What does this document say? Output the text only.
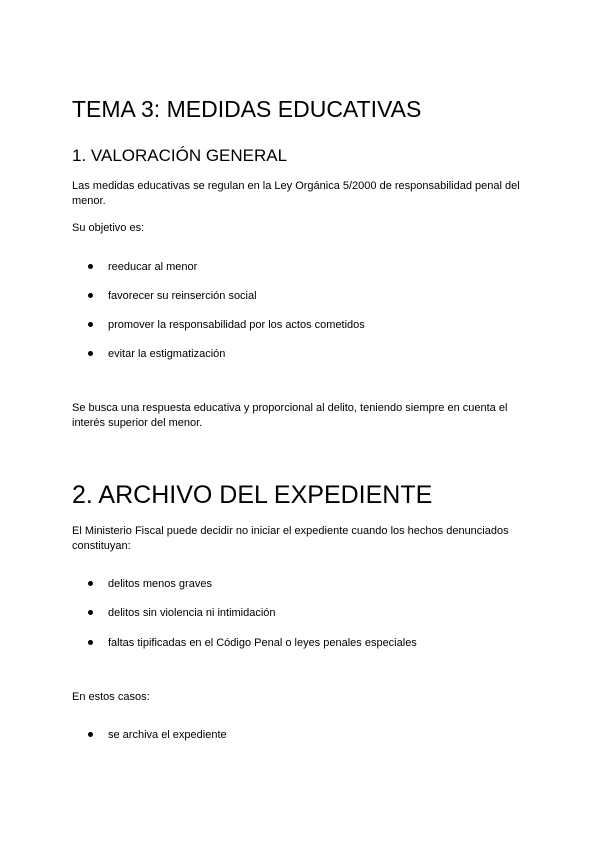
TEMA 3: MEDIDAS EDUCATIVAS
1. VALORACIÓN GENERAL

Las medidas educativas se regulan en la Ley Orgánica 5/2000 de responsabilidad penal del menor.

Su objetivo es:

reeducar al menor
favorecer su reinserción social
promover la responsabilidad por los actos cometidos
evitar la estigmatización

Se busca una respuesta educativa y proporcional al delito, teniendo siempre en cuenta el interés superior del menor.

2. ARCHIVO DEL EXPEDIENTE

El Ministerio Fiscal puede decidir no iniciar el expediente cuando los hechos denunciados constituyan:

delitos menos graves
delitos sin violencia ni intimidación
faltas tipificadas en el Código Penal o leyes penales especiales

En estos casos:

se archiva el expediente
